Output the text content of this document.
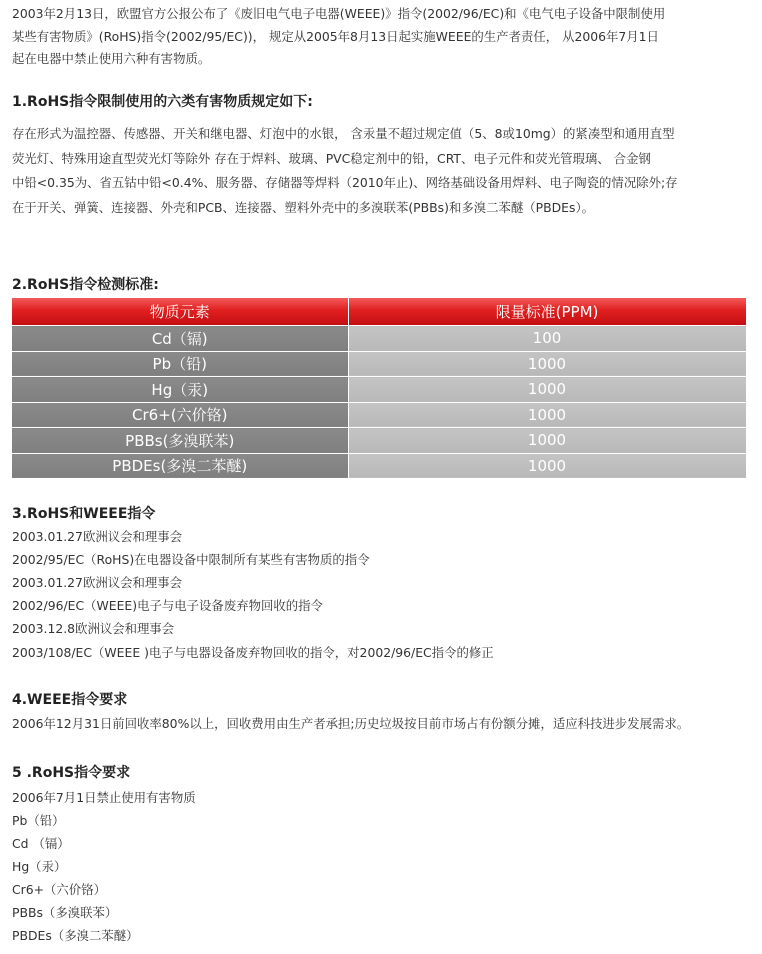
2003年2月13日，欧盟官方公报公布了《废旧电气电子电器(WEEE)》指令(2002/96/EC)和《电气电子设备中限制使用
某些有害物质》(RoHS)指令(2002/95/EC))， 规定从2005年8月13日起实施WEEE的生产者责任， 从2006年7月1日
起在电器中禁止使用六种有害物质。
1.RoHS指令限制使用的六类有害物质规定如下:
存在形式为温控器、传感器、开关和继电器、灯泡中的水银， 含汞量不超过规定值（5、8或10mg）的紧凑型和通用直型
荧光灯、特殊用途直型荧光灯等除外 存在于焊料、玻璃、PVC稳定剂中的铅，CRT、电子元件和荧光管瑕璃、 合金钢
中铅<0.35为、省五钴中铅<0.4%、服务器、存储器等焊料（2010年止)、网络基础设备用焊料、电子陶瓷的情况除外;存
在于开关、弹簧、连接器、外壳和PCB、连接器、塑料外壳中的多溴联苯(PBBs)和多溴二苯醚（PBDEs）。
2.RoHS指令检测标准:
物质元素	限量标准(PPM)
Cd（镉)	100
Pb（铅)	1000
Hg（汞)	1000
Cr6+(六价铬)	1000
PBBs(多溴联苯)	1000
PBDEs(多溴二苯醚)	1000
3.RoHS和WEEE指令
2003.01.27欧洲议会和理事会
2002/95/EC（RoHS)在电器设备中限制所有某些有害物质的指令
2003.01.27欧洲议会和理事会
2002/96/EC（WEEE)电子与电子设备废弃物回收的指令
2003.12.8欧洲议会和理事会
2003/108/EC（WEEE )电子与电器设备废弃物回收的指令，对2002/96/EC指令的修正
4.WEEE指令要求
2006年12月31日前回收率80%以上，回收费用由生产者承担;历史垃圾按目前市场占有份额分摊，适应科技进步发展需求。
5 .RoHS指令要求
2006年7月1日禁止使用有害物质
Pb（铅）
Cd （镉）
Hg（汞）
Cr6+（六价铬）
PBBs（多溴联苯）
PBDEs（多溴二苯醚）
